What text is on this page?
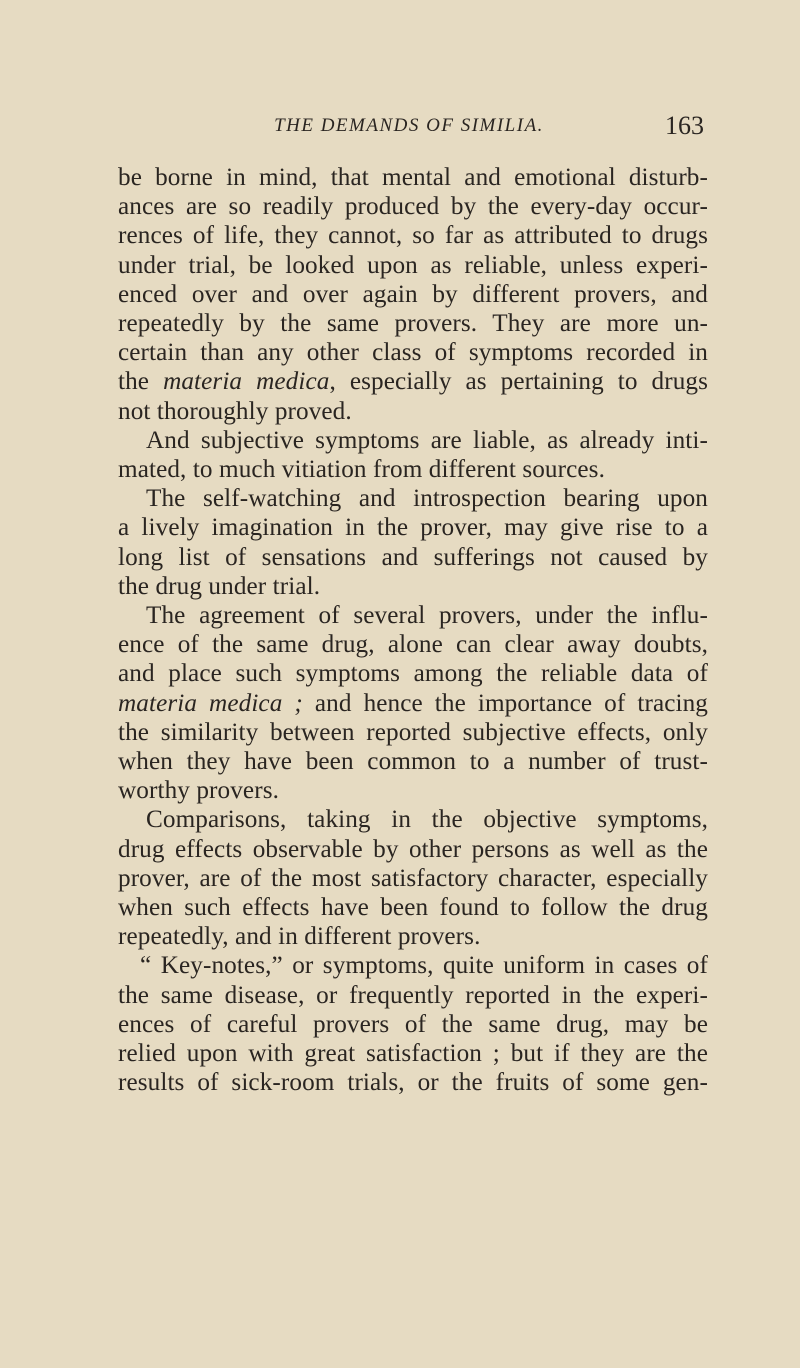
THE DEMANDS OF SIMILIA.	163
be borne in mind, that mental and emotional disturb-
ances are so readily produced by the every-day occur-
rences of life, they cannot, so far as attributed to drugs
under trial, be looked upon as reliable, unless experi-
enced over and over again by different provers, and
repeatedly by the same provers. They are more un-
certain than any other class of symptoms recorded in
the materia medica, especially as pertaining to drugs
not thoroughly proved.
And subjective symptoms are liable, as already inti-
mated, to much vitiation from different sources.
The self-watching and introspection bearing upon
a lively imagination in the prover, may give rise to a
long list of sensations and sufferings not caused by
the drug under trial.
The agreement of several provers, under the influ-
ence of the same drug, alone can clear away doubts,
and place such symptoms among the reliable data of
materia medica ; and hence the importance of tracing
the similarity between reported subjective effects, only
when they have been common to a number of trust-
worthy provers.
Comparisons, taking in the objective symptoms,
drug effects observable by other persons as well as the
prover, are of the most satisfactory character, especially
when such effects have been found to follow the drug
repeatedly, and in different provers.
“ Key-notes,” or symptoms, quite uniform in cases of
the same disease, or frequently reported in the experi-
ences of careful provers of the same drug, may be
relied upon with great satisfaction ; but if they are the
results of sick-room trials, or the fruits of some gen-
